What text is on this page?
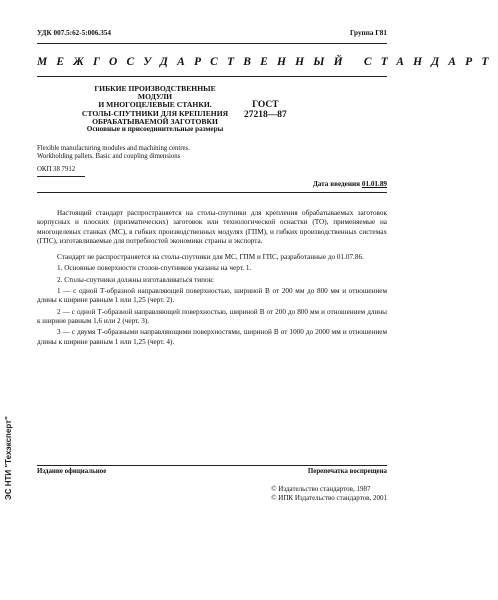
УДК 007.5:62-5:006.354	Группа Г81
МЕЖГОСУДАРСТВЕННЫЙ СТАНДАРТ
ГИБКИЕ ПРОИЗВОДСТВЕННЫЕ МОДУЛИ
И МНОГОЦЕЛЕВЫЕ СТАНКИ.
СТОЛЫ-СПУТНИКИ ДЛЯ КРЕПЛЕНИЯ
ОБРАБАТЫВАЕМОЙ ЗАГОТОВКИ
Основные и присоединительные размеры
ГОСТ
27218—87
Flexible manufacturing modules and machining centres.
Workholding pallets. Basic and coupling dimensions
ОКП 38 7912
Дата введения 01.01.89

Настоящий стандарт распространяется на столы-спутники для крепления обрабатываемых заготовок корпусных и плоских (призматических) заготовок или технологической оснастки (ТО), применяемые на многоцелевых станках (МС), в гибких производственных модулях (ГПМ), и гибких производственных системах (ГПС), изготавливаемые для потребностей экономики страны и экспорта.

Стандарт не распространяется на столы-спутники для МС, ГПМ и ГПС, разработанные до 01.07.86.

1. Основные поверхности столов-спутников указаны на черт. 1.

2. Столы-спутники должны изготавливаться типов:

1 — с одной Т-образной направляющей поверхностью, шириной B от 200 мм до 800 мм и отношением длины к ширине равным 1 или 1,25 (черт. 2).

2 — с одной Т-образной направляющей поверхностью, шириной B от 200 до 800 мм и отношением длины к ширине равным 1,6 или 2 (черт. 3).

3 — с двумя Т-образными направляющими поверхностями, шириной B от 1000 до 2000 мм и отношением длины к ширине равным 1 или 1,25 (черт. 4).

Издание официальное	Перепечатка воспрещена
© Издательство стандартов, 1987
© ИПК Издательство стандартов, 2001
ЭС НТИ "Техэксперт"
